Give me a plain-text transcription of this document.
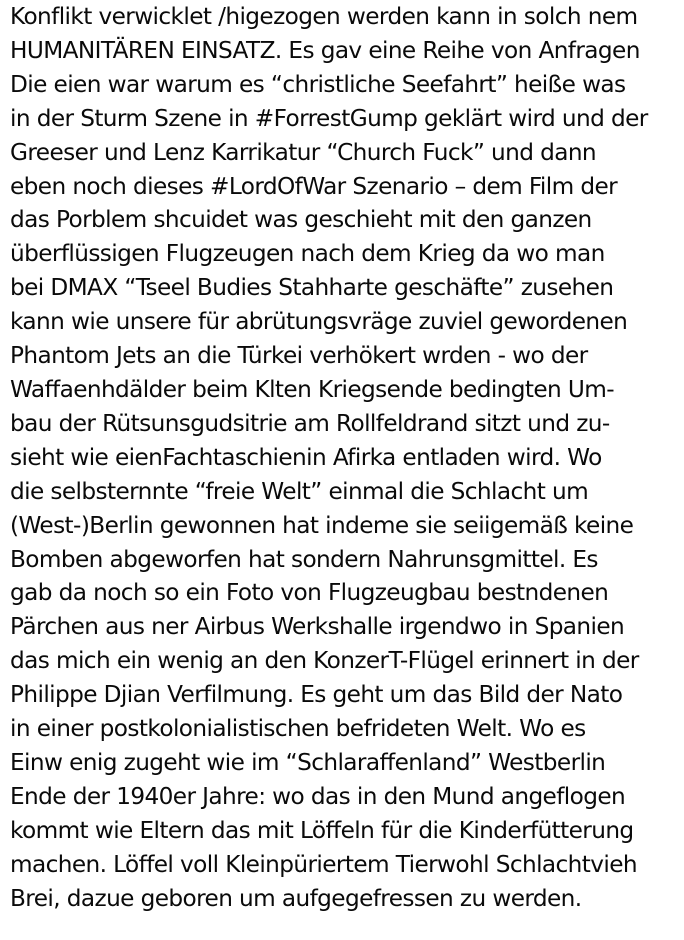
Konflikt verwicklet /higezogen werden kann in solch nem
HUMANITÄREN EINSATZ. Es gav eine Reihe von Anfragen
Die eien war warum es “christliche Seefahrt” heiße was
in der Sturm Szene in #ForrestGump geklärt wird und der
Greeser und Lenz Karrikatur “Church Fuck” und dann
eben noch dieses #LordOfWar Szenario – dem Film der
das Porblem shcuidet was geschieht mit den ganzen
überflüssigen Flugzeugen nach dem Krieg da wo man
bei DMAX “Tseel Budies Stahharte geschäfte” zusehen
kann wie unsere für abrütungsvräge zuviel gewordenen
Phantom Jets an die Türkei verhökert wrden - wo der
Waffaenhdälder beim Klten Kriegsende bedingten Um-
bau der Rütsunsgudsitrie am Rollfeldrand sitzt und zu-
sieht wie eienFachtaschienin Afirka entladen wird. Wo
die selbsternnte “freie Welt” einmal die Schlacht um
(West-)Berlin gewonnen hat indeme sie seiigemäß keine
Bomben abgeworfen hat sondern Nahrunsgmittel. Es
gab da noch so ein Foto von Flugzeugbau bestndenen
Pärchen aus ner Airbus Werkshalle irgendwo in Spanien
das mich ein wenig an den KonzerT-Flügel erinnert in der
Philippe Djian Verfilmung. Es geht um das Bild der Nato
in einer postkolonialistischen befrideten Welt. Wo es
Einw enig zugeht wie im “Schlaraffenland” Westberlin
Ende der 1940er Jahre: wo das in den Mund angeflogen
kommt wie Eltern das mit Löffeln für die Kinderfütterung
machen. Löffel voll Kleinpüriertem Tierwohl Schlachtvieh
Brei, dazue geboren um aufgegefressen zu werden.
